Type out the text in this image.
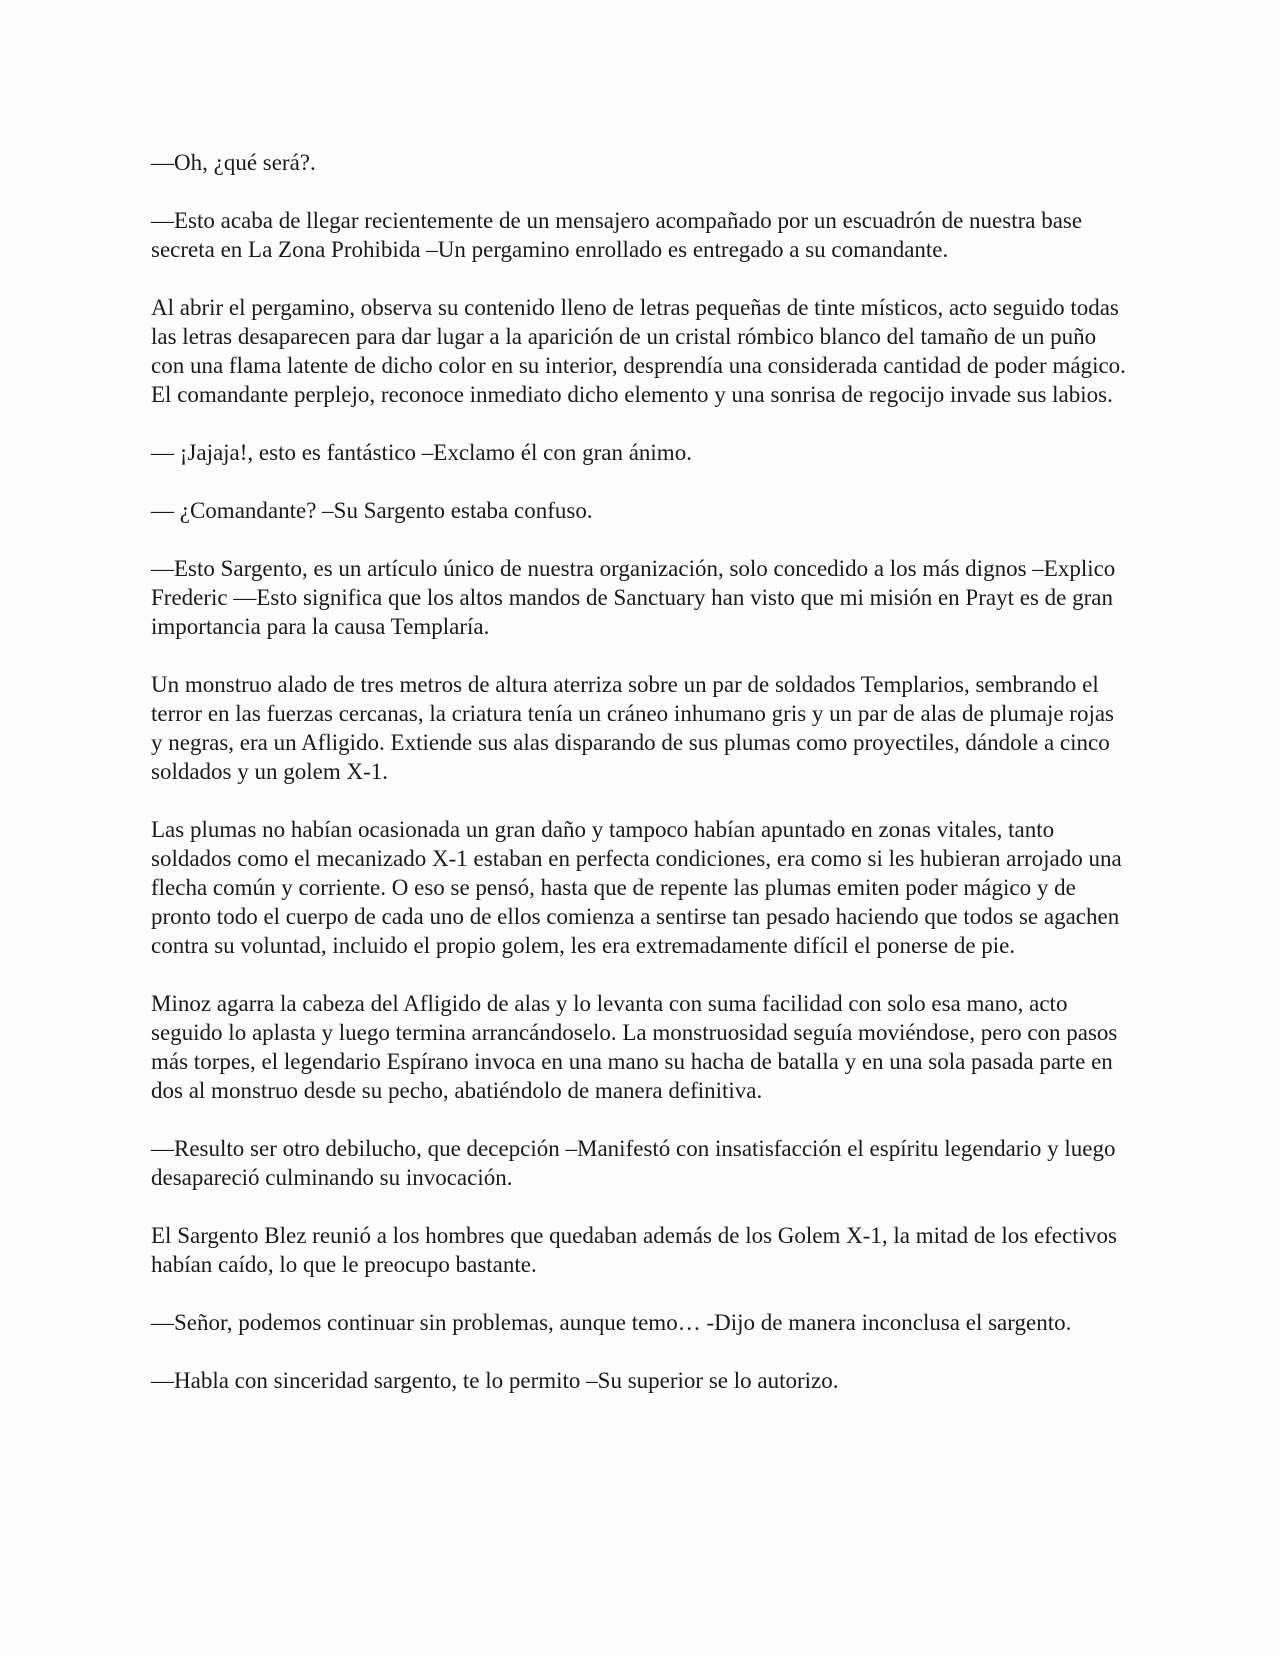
—Oh, ¿qué será?.

—Esto acaba de llegar recientemente de un mensajero acompañado por un escuadrón de nuestra base secreta en La Zona Prohibida –Un pergamino enrollado es entregado a su comandante.

Al abrir el pergamino, observa su contenido lleno de letras pequeñas de tinte místicos, acto seguido todas las letras desaparecen para dar lugar a la aparición de un cristal rómbico blanco del tamaño de un puño con una flama latente de dicho color en su interior, desprendía una considerada cantidad de poder mágico. El comandante perplejo, reconoce inmediato dicho elemento y una sonrisa de regocijo invade sus labios.

— ¡Jajaja!, esto es fantástico –Exclamo él con gran ánimo.

— ¿Comandante? –Su Sargento estaba confuso.

—Esto Sargento, es un artículo único de nuestra organización, solo concedido a los más dignos –Explico Frederic —Esto significa que los altos mandos de Sanctuary han visto que mi misión en Prayt es de gran importancia para la causa Templaría.

Un monstruo alado de tres metros de altura aterriza sobre un par de soldados Templarios, sembrando el terror en las fuerzas cercanas, la criatura tenía un cráneo inhumano gris y un par de alas de plumaje rojas y negras, era un Afligido. Extiende sus alas disparando de sus plumas como proyectiles, dándole a cinco soldados y un golem X-1.

Las plumas no habían ocasionada un gran daño y tampoco habían apuntado en zonas vitales, tanto soldados como el mecanizado X-1 estaban en perfecta condiciones, era como si les hubieran arrojado una flecha común y corriente. O eso se pensó, hasta que de repente las plumas emiten poder mágico y de pronto todo el cuerpo de cada uno de ellos comienza a sentirse tan pesado haciendo que todos se agachen contra su voluntad, incluido el propio golem, les era extremadamente difícil el ponerse de pie.

Minoz agarra la cabeza del Afligido de alas y lo levanta con suma facilidad con solo esa mano, acto seguido lo aplasta y luego termina arrancándoselo. La monstruosidad seguía moviéndose, pero con pasos más torpes, el legendario Espírano invoca en una mano su hacha de batalla y en una sola pasada parte en dos al monstruo desde su pecho, abatiéndolo de manera definitiva.

—Resulto ser otro debilucho, que decepción –Manifestó con insatisfacción el espíritu legendario y luego desapareció culminando su invocación.

El Sargento Blez reunió a los hombres que quedaban además de los Golem X-1, la mitad de los efectivos habían caído, lo que le preocupo bastante.

—Señor, podemos continuar sin problemas, aunque temo… -Dijo de manera inconclusa el sargento.

—Habla con sinceridad sargento, te lo permito –Su superior se lo autorizo.
